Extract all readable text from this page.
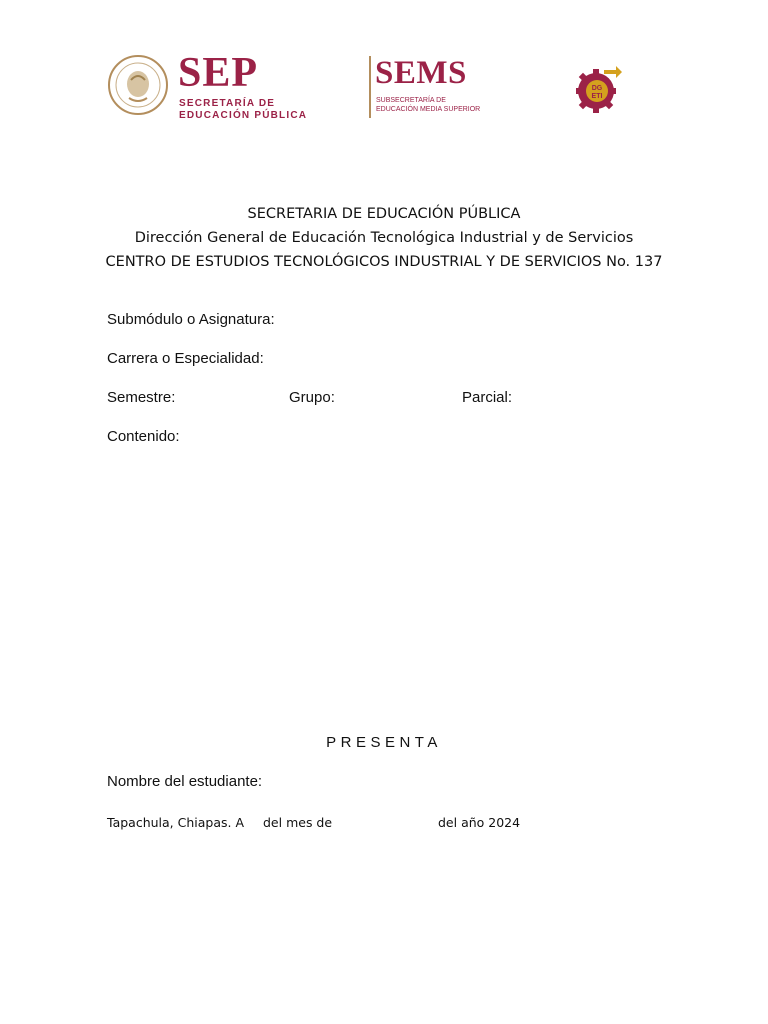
SEP
SECRETARÍA DE
EDUCACIÓN PÚBLICA
SEMS
SUBSECRETARÍA DE
EDUCACIÓN MEDIA SUPERIOR
DG
ETI
SECRETARIA DE EDUCACIÓN PÚBLICA
Dirección General de Educación Tecnológica Industrial y de Servicios
CENTRO DE ESTUDIOS TECNOLÓGICOS INDUSTRIAL Y DE SERVICIOS No. 137
Submódulo o Asignatura:
Carrera o Especialidad:
Semestre:	Grupo:	Parcial:
Contenido:
PRESENTA
Nombre del estudiante:
Tapachula, Chiapas. A del mes de	del año 2024
